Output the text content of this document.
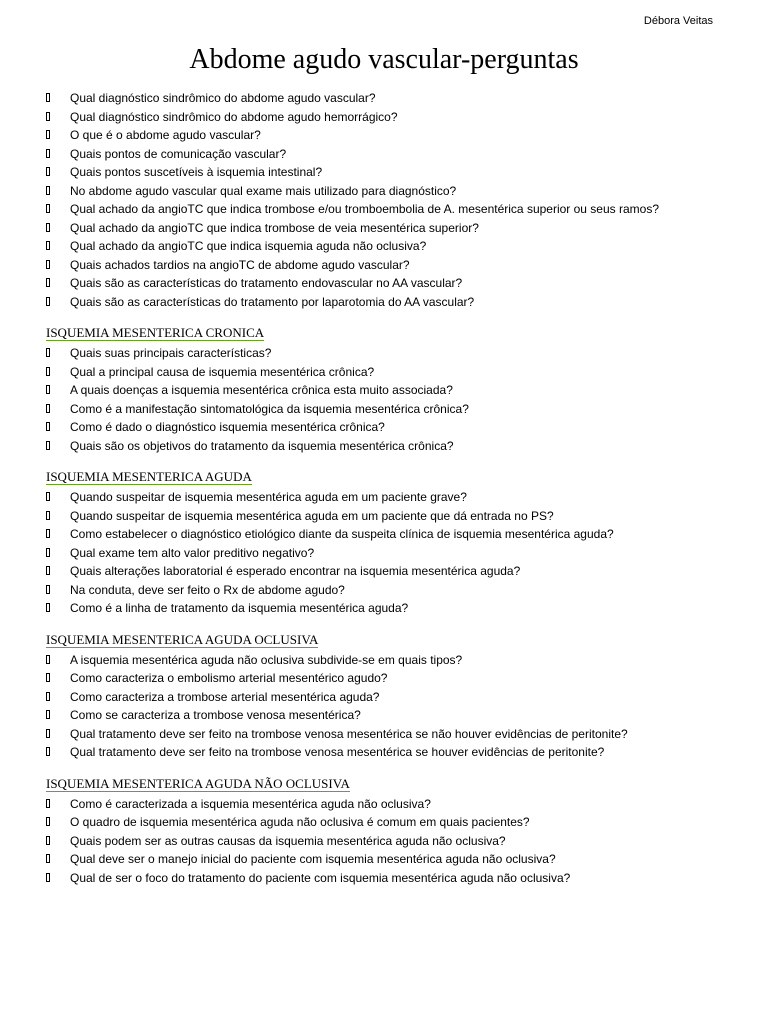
Débora Veitas
Abdome agudo vascular-perguntas
Qual diagnóstico sindrômico do abdome agudo vascular?
Qual diagnóstico sindrômico do abdome agudo hemorrágico?
O que é o abdome agudo vascular?
Quais pontos de comunicação vascular?
Quais pontos suscetíveis à isquemia intestinal?
No abdome agudo vascular qual exame mais utilizado para diagnóstico?
Qual achado da angioTC que indica trombose e/ou tromboembolia de A. mesentérica superior ou seus ramos?
Qual achado da angioTC que indica trombose de veia mesentérica superior?
Qual achado da angioTC que indica isquemia aguda não oclusiva?
Quais achados tardios na angioTC de abdome agudo vascular?
Quais são as características do tratamento endovascular no AA vascular?
Quais são as características do tratamento por laparotomia do AA vascular?
ISQUEMIA MESENTERICA CRONICA
Quais suas principais características?
Qual a principal causa de isquemia mesentérica crônica?
A quais doenças a isquemia mesentérica crônica esta muito associada?
Como é a manifestação sintomatológica da isquemia mesentérica crônica?
Como é dado o diagnóstico isquemia mesentérica crônica?
Quais são os objetivos do tratamento da isquemia mesentérica crônica?
ISQUEMIA MESENTERICA AGUDA
Quando suspeitar de isquemia mesentérica aguda em um paciente grave?
Quando suspeitar de isquemia mesentérica aguda em um paciente que dá entrada no PS?
Como estabelecer o diagnóstico etiológico diante da suspeita clínica de isquemia mesentérica aguda?
Qual exame tem alto valor preditivo negativo?
Quais alterações laboratorial é esperado encontrar na isquemia mesentérica aguda?
Na conduta, deve ser feito o Rx de abdome agudo?
Como é a linha de tratamento da isquemia mesentérica aguda?
ISQUEMIA MESENTERICA AGUDA OCLUSIVA
A isquemia mesentérica aguda não oclusiva subdivide-se em quais tipos?
Como caracteriza o embolismo arterial mesentérico agudo?
Como caracteriza a trombose arterial mesentérica aguda?
Como se caracteriza a trombose venosa mesentérica?
Qual tratamento deve ser feito na trombose venosa mesentérica se não houver evidências de peritonite?
Qual tratamento deve ser feito na trombose venosa mesentérica se houver evidências de peritonite?
ISQUEMIA MESENTERICA AGUDA NÃO OCLUSIVA
Como é caracterizada a isquemia mesentérica aguda não oclusiva?
O quadro de isquemia mesentérica aguda não oclusiva é comum em quais pacientes?
Quais podem ser as outras causas da isquemia mesentérica aguda não oclusiva?
Qual deve ser o manejo inicial do paciente com isquemia mesentérica aguda não oclusiva?
Qual de ser o foco do tratamento do paciente com isquemia mesentérica aguda não oclusiva?
